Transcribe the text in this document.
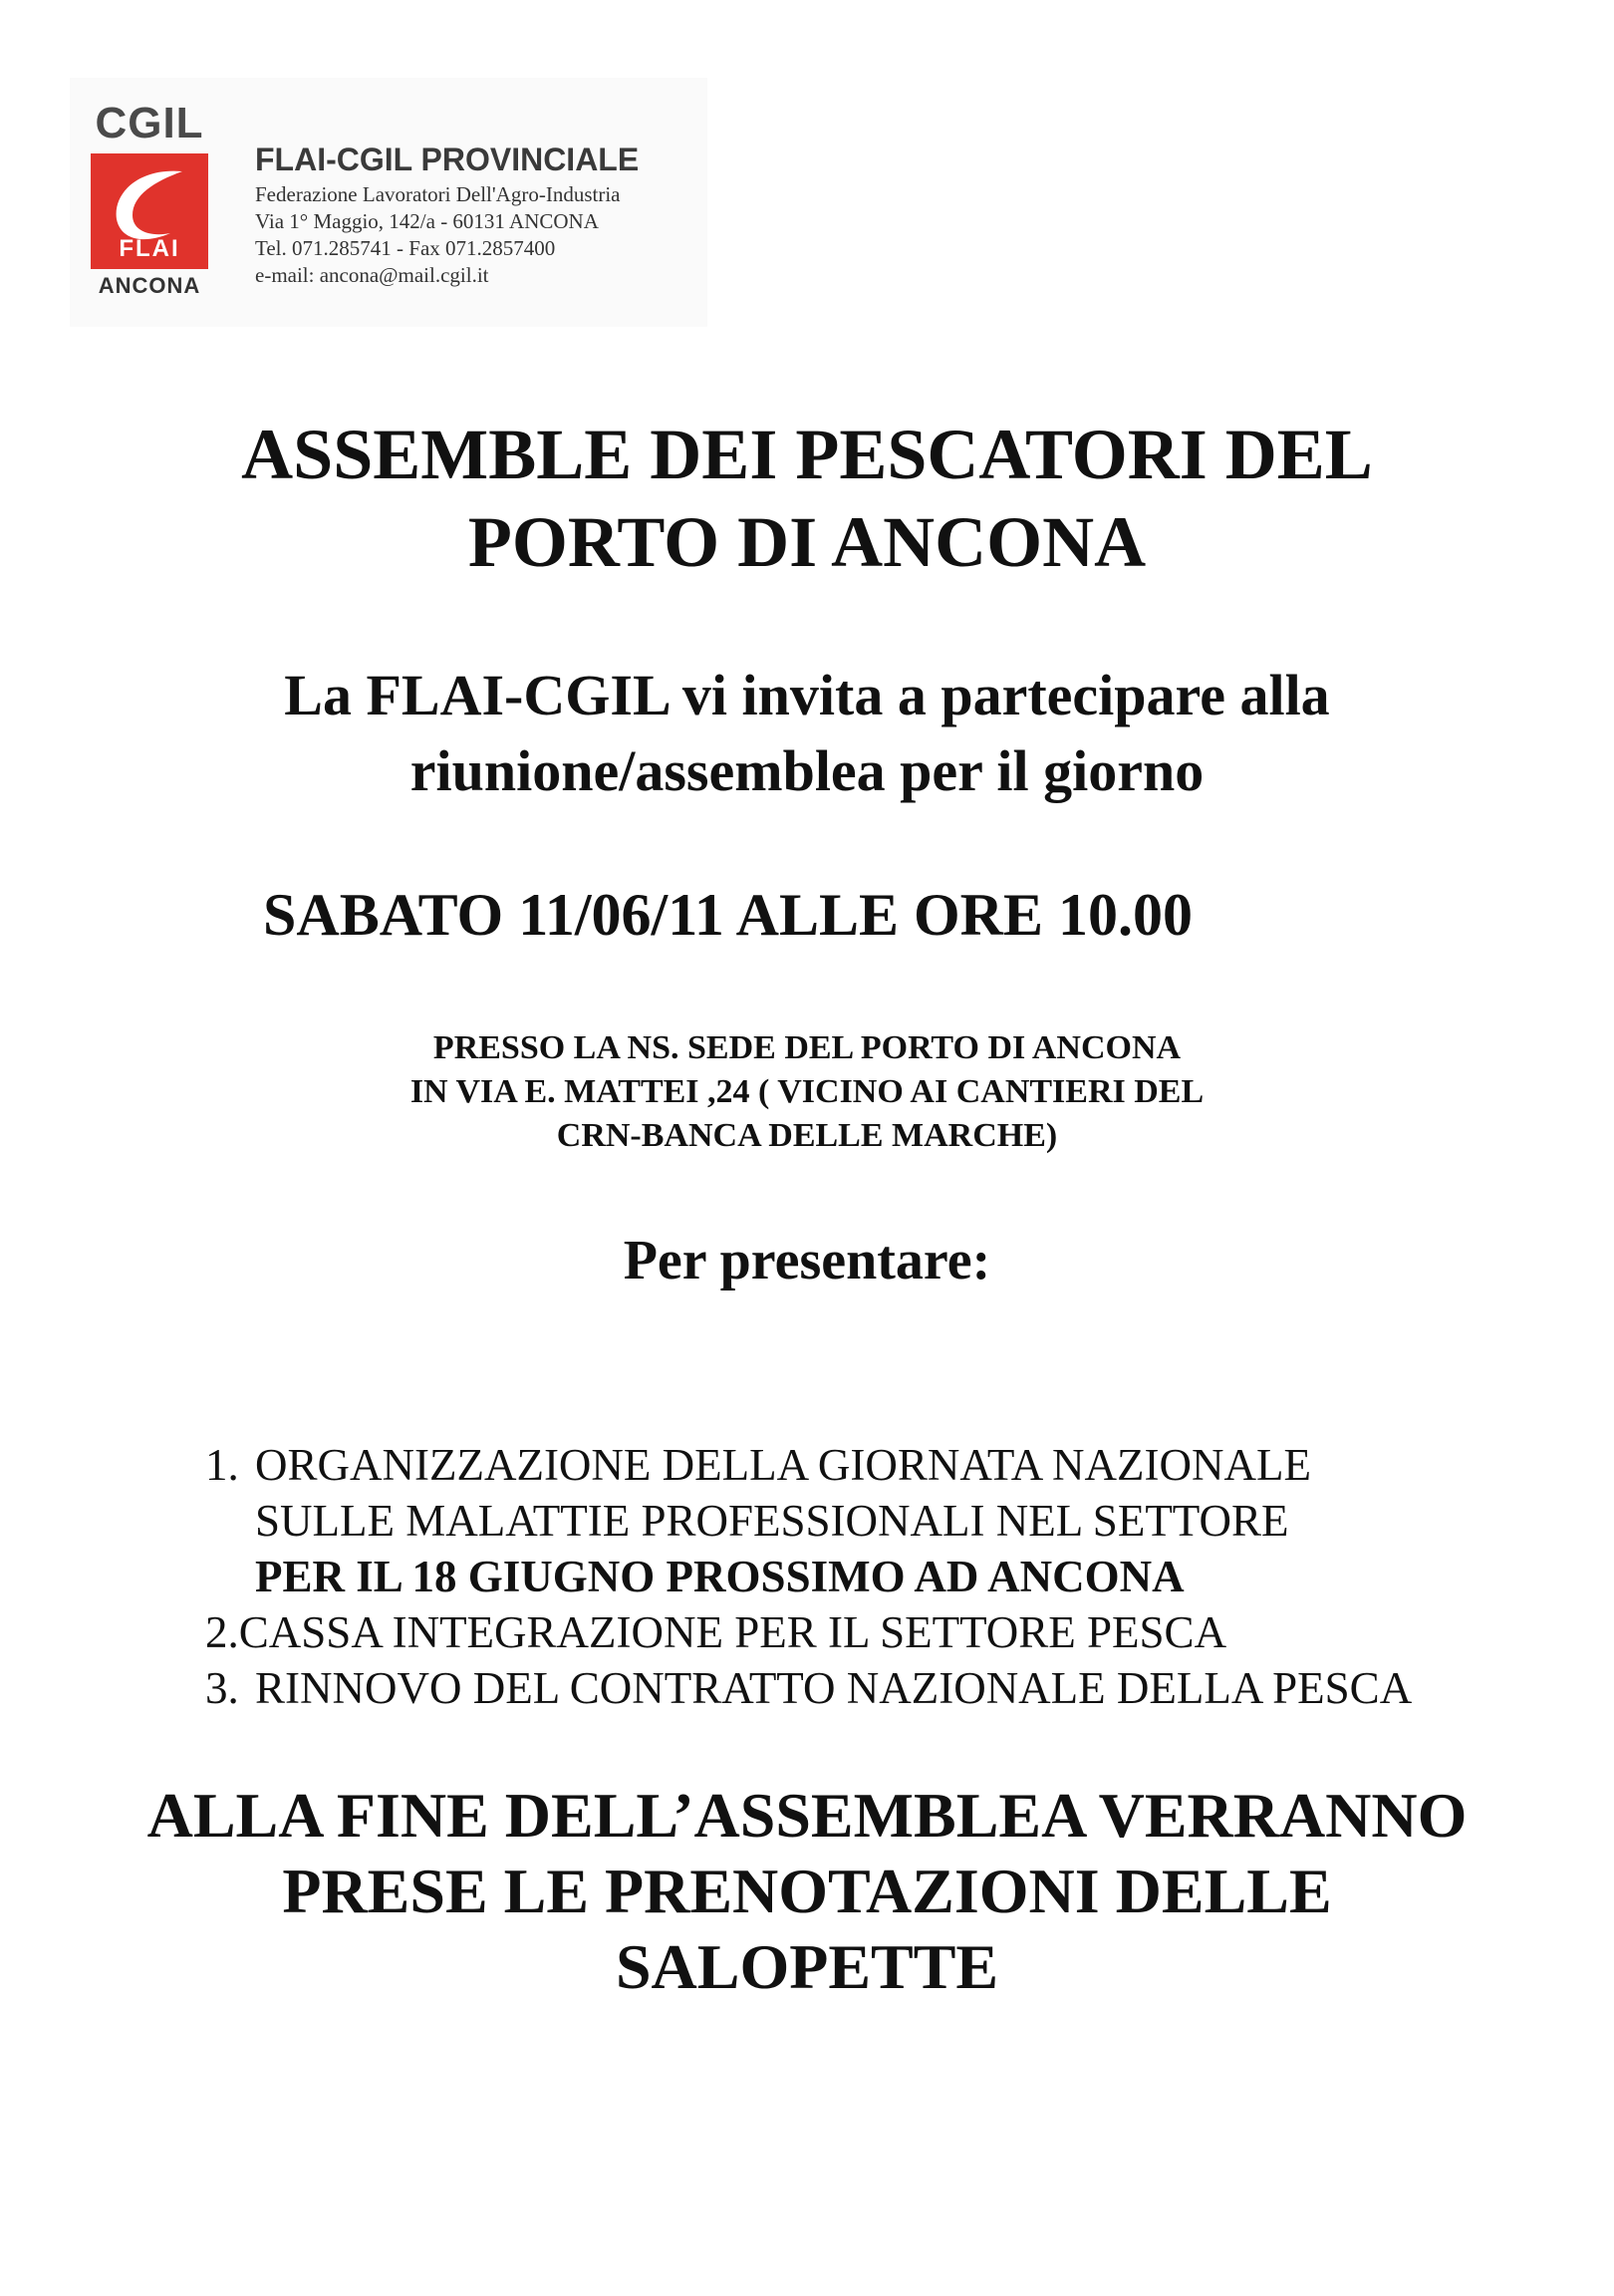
CGIL
FLAI
ANCONA
FLAI-CGIL PROVINCIALE
Federazione Lavoratori Dell'Agro-Industria
Via 1° Maggio, 142/a - 60131 ANCONA
Tel. 071.285741 - Fax 071.2857400
e-mail: ancona@mail.cgil.it
ASSEMBLE DEI PESCATORI DEL
PORTO DI ANCONA
La FLAI-CGIL vi invita a partecipare alla
riunione/assemblea per il giorno
SABATO 11/06/11 ALLE ORE 10.00
PRESSO LA NS. SEDE DEL PORTO DI ANCONA
IN VIA E. MATTEI ,24 ( VICINO AI CANTIERI DEL
CRN-BANCA DELLE MARCHE)
Per presentare:
1. ORGANIZZAZIONE DELLA GIORNATA NAZIONALE
SULLE MALATTIE PROFESSIONALI NEL SETTORE
PER IL 18 GIUGNO PROSSIMO AD ANCONA
2.CASSA INTEGRAZIONE PER IL SETTORE PESCA
3. RINNOVO DEL CONTRATTO NAZIONALE DELLA PESCA
ALLA FINE DELL’ASSEMBLEA VERRANNO
PRESE LE PRENOTAZIONI DELLE
SALOPETTE
